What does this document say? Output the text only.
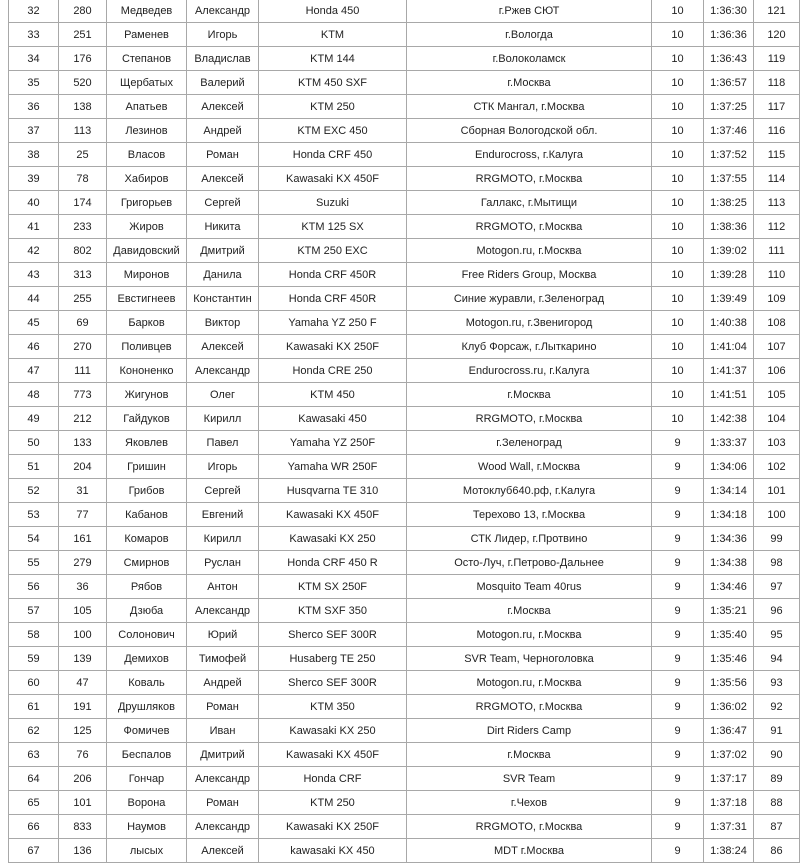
32	280	Медведев	Александр	Honda 450	г.Ржев СЮТ	10	1:36:30	121
33	251	Раменев	Игорь	KTM	г.Вологда	10	1:36:36	120
34	176	Степанов	Владислав	KTM 144	г.Волоколамск	10	1:36:43	119
35	520	Щербатых	Валерий	KTM 450 SXF	г.Москва	10	1:36:57	118
36	138	Апатьев	Алексей	KTM 250	СТК Мангал, г.Москва	10	1:37:25	117
37	113	Лезинов	Андрей	KTM EXC 450	Сборная Вологодской обл.	10	1:37:46	116
38	25	Власов	Роман	Honda CRF 450	Endurocross, г.Калуга	10	1:37:52	115
39	78	Хабиров	Алексей	Kawasaki KX 450F	RRGMOTO, г.Москва	10	1:37:55	114
40	174	Григорьев	Сергей	Suzuki	Галлакс, г.Мытищи	10	1:38:25	113
41	233	Жиров	Никита	KTM 125 SX	RRGMOTO, г.Москва	10	1:38:36	112
42	802	Давидовский	Дмитрий	KTM 250 EXC	Motogon.ru, г.Москва	10	1:39:02	111
43	313	Миронов	Данила	Honda CRF 450R	Free Riders Group, Москва	10	1:39:28	110
44	255	Евстигнеев	Константин	Honda CRF 450R	Синие журавли, г.Зеленоград	10	1:39:49	109
45	69	Барков	Виктор	Yamaha YZ 250 F	Motogon.ru, г.Звенигород	10	1:40:38	108
46	270	Поливцев	Алексей	Kawasaki KX 250F	Клуб Форсаж, г.Лыткарино	10	1:41:04	107
47	111	Кононенко	Александр	Honda CRE 250	Endurocross.ru, г.Калуга	10	1:41:37	106
48	773	Жигунов	Олег	KTM 450	г.Москва	10	1:41:51	105
49	212	Гайдуков	Кирилл	Kawasaki 450	RRGMOTO, г.Москва	10	1:42:38	104
50	133	Яковлев	Павел	Yamaha YZ 250F	г.Зеленоград	9	1:33:37	103
51	204	Гришин	Игорь	Yamaha WR 250F	Wood Wall, г.Москва	9	1:34:06	102
52	31	Грибов	Сергей	Husqvarna TE 310	Мотоклуб640.рф, г.Калуга	9	1:34:14	101
53	77	Кабанов	Евгений	Kawasaki KX 450F	Терехово 13, г.Москва	9	1:34:18	100
54	161	Комаров	Кирилл	Kawasaki KX 250	СТК Лидер, г.Протвино	9	1:34:36	99
55	279	Смирнов	Руслан	Honda CRF 450 R	Осто-Луч, г.Петрово-Дальнее	9	1:34:38	98
56	36	Рябов	Антон	KTM SX 250F	Mosquito Team 40rus	9	1:34:46	97
57	105	Дзюба	Александр	KTM SXF 350	г.Москва	9	1:35:21	96
58	100	Солонович	Юрий	Sherco SEF 300R	Motogon.ru, г.Москва	9	1:35:40	95
59	139	Демихов	Тимофей	Husaberg TE 250	SVR Team, Черноголовка	9	1:35:46	94
60	47	Коваль	Андрей	Sherco SEF 300R	Motogon.ru, г.Москва	9	1:35:56	93
61	191	Друшляков	Роман	KTM 350	RRGMOTO, г.Москва	9	1:36:02	92
62	125	Фомичев	Иван	Kawasaki KX 250	Dirt Riders Camp	9	1:36:47	91
63	76	Беспалов	Дмитрий	Kawasaki KX 450F	г.Москва	9	1:37:02	90
64	206	Гончар	Александр	Honda CRF	SVR Team	9	1:37:17	89
65	101	Ворона	Роман	KTM 250	г.Чехов	9	1:37:18	88
66	833	Наумов	Александр	Kawasaki KX 250F	RRGMOTO, г.Москва	9	1:37:31	87
67	136	лысых	Алексей	kawasaki KX 450	MDT г.Москва	9	1:38:24	86
